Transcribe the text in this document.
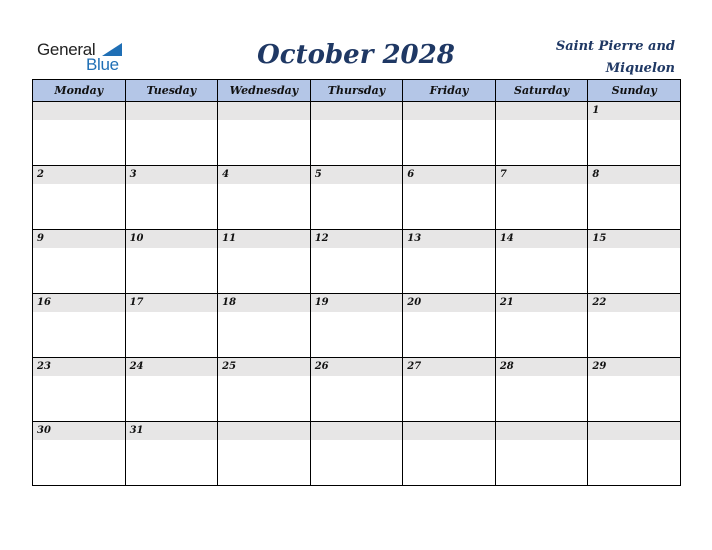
General
Blue	October 2028	Saint Pierre and Miquelon
Monday	Tuesday	Wednesday	Thursday	Friday	Saturday	Sunday

						1

2	3	4	5	6	7	8

9	10	11	12	13	14	15

16	17	18	19	20	21	22

23	24	25	26	27	28	29

30	31					
